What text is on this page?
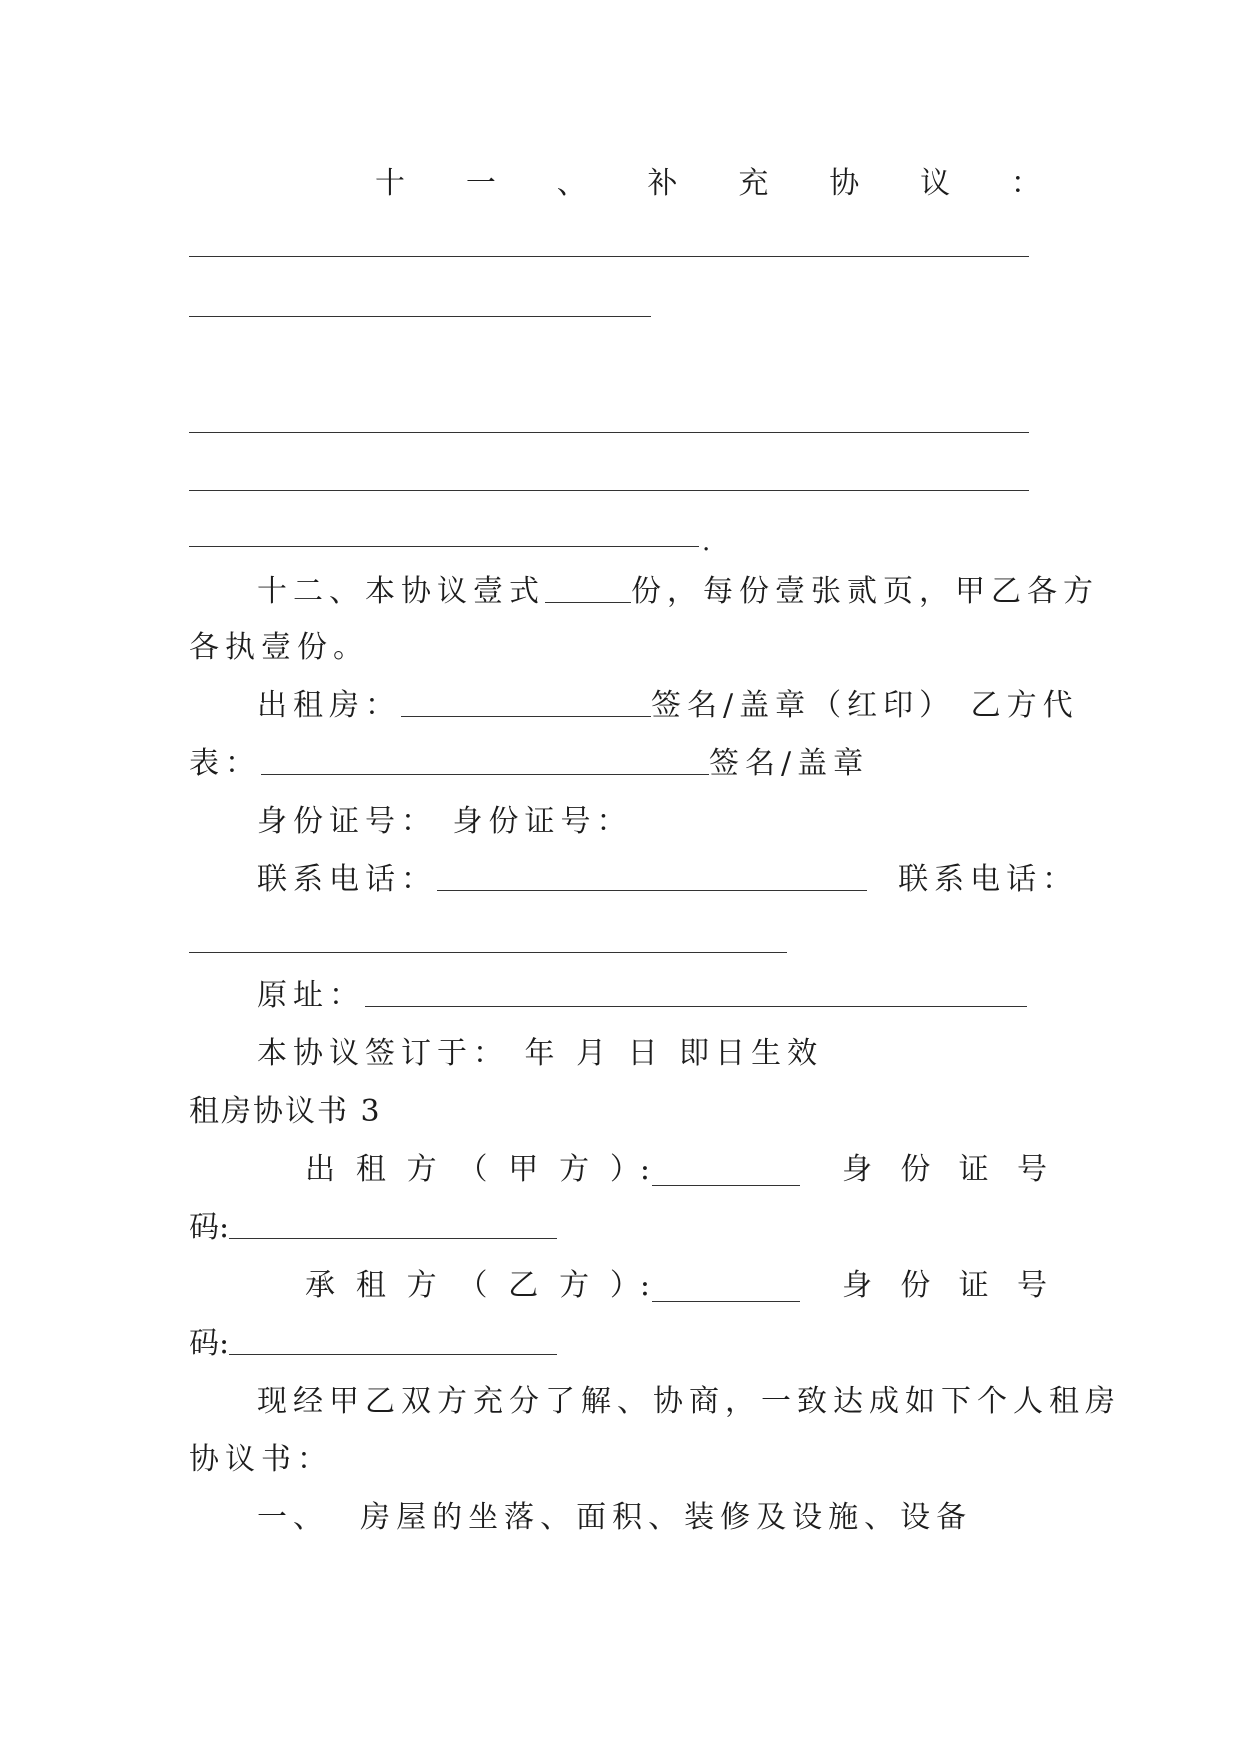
十 一 、 补 充 协 议 ：
.
十二、本协议壹式	份，每份壹张贰页，甲乙各方
各执壹份。
出租房：	签名/盖章（红印） 乙方代
表：	签名/盖章
身份证号： 身份证号：
联系电话：	联系电话：
原址：
本协议签订于： 年 月 日 即日生效
租房协议书 3
出 租 方 （ 甲 方 ）:	身 份 证 号
码:
承 租 方 （ 乙 方 ）:	身 份 证 号
码:
现经甲乙双方充分了解、协商，一致达成如下个人租房
协议书：
一、  房屋的坐落、面积、装修及设施、设备
